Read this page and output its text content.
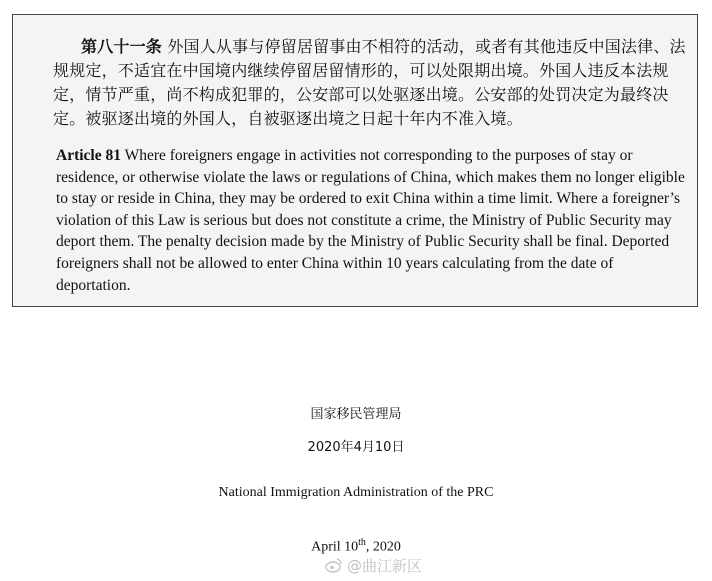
第八十一条 外国人从事与停留居留事由不相符的活动，或者有其他违反中国法律、法规规定，不适宜在中国境内继续停留居留情形的，可以处限期出境。外国人违反本法规定，情节严重，尚不构成犯罪的，公安部可以处驱逐出境。公安部的处罚决定为最终决定。被驱逐出境的外国人，自被驱逐出境之日起十年内不准入境。
Article 81 Where foreigners engage in activities not corresponding to the purposes of stay or residence, or otherwise violate the laws or regulations of China, which makes them no longer eligible to stay or reside in China, they may be ordered to exit China within a time limit. Where a foreigner’s violation of this Law is serious but does not constitute a crime, the Ministry of Public Security may deport them. The penalty decision made by the Ministry of Public Security shall be final. Deported foreigners shall not be allowed to enter China within 10 years calculating from the date of deportation.
国家移民管理局
2020年4月10日
National Immigration Administration of the PRC
April 10th, 2020
@曲江新区
